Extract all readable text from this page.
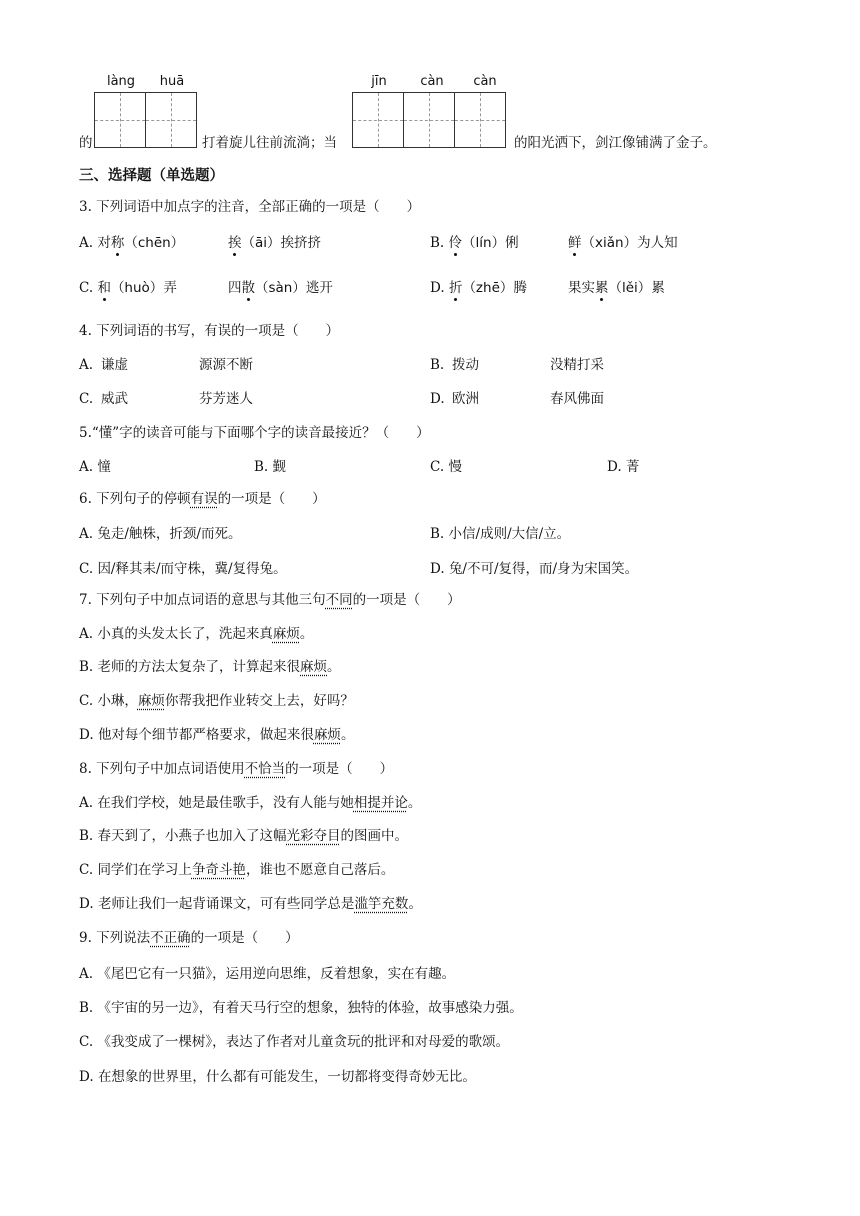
làng	huā	jīn	càn	càn
的	打着旋儿往前流淌；当	的阳光洒下，剑江像铺满了金子。
三、选择题（单选题）
3. 下列词语中加点字的注音，全部正确的一项是（　　）
A. 对称（chēn）	挨（āi）挨挤挤	B. 伶（lín）俐	鲜（xiǎn）为人知
C. 和（huò）弄	四散（sàn）逃开	D. 折（zhē）腾	果实累（lěi）累
4. 下列词语的书写，有误的一项是（　　）
A. 谦虚	源源不断	B. 拨动	没精打采
C. 威武	芬芳迷人	D. 欧洲	春风佛面
5.“懂”字的读音可能与下面哪个字的读音最接近？（　　）
A. 憧	B. 觐	C. 慢	D. 菁
6. 下列句子的停顿有误的一项是（　　）
A. 兔走/触株，折颈/而死。	B. 小信/成则/大信/立。
C. 因/释其耒/而守株，冀/复得兔。	D. 兔/不可/复得，而/身为宋国笑。
7. 下列句子中加点词语的意思与其他三句不同的一项是（　　）
A. 小真的头发太长了，洗起来真麻烦。
B. 老师的方法太复杂了，计算起来很麻烦。
C. 小琳，麻烦你帮我把作业转交上去，好吗？
D. 他对每个细节都严格要求，做起来很麻烦。
8. 下列句子中加点词语使用不恰当的一项是（　　）
A. 在我们学校，她是最佳歌手，没有人能与她相提并论。
B. 春天到了，小燕子也加入了这幅光彩夺目的图画中。
C. 同学们在学习上争奇斗艳，谁也不愿意自己落后。
D. 老师让我们一起背诵课文，可有些同学总是滥竽充数。
9. 下列说法不正确的一项是（　　）
A. 《尾巴它有一只猫》，运用逆向思维，反着想象，实在有趣。
B. 《宇宙的另一边》，有着天马行空的想象，独特的体验，故事感染力强。
C. 《我变成了一棵树》，表达了作者对儿童贪玩的批评和对母爱的歌颂。
D. 在想象的世界里，什么都有可能发生，一切都将变得奇妙无比。
